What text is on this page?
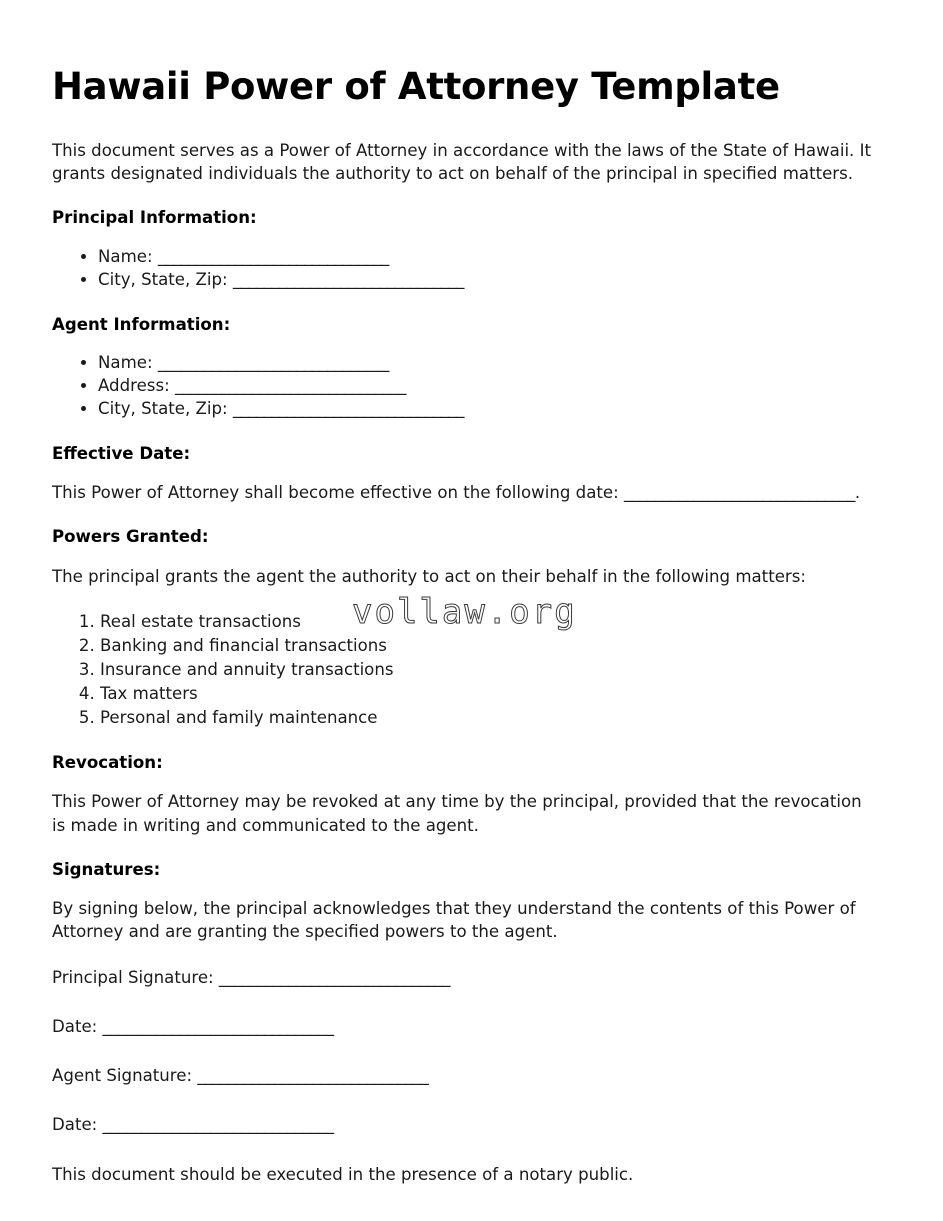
Hawaii Power of Attorney Template

This document serves as a Power of Attorney in accordance with the laws of the State of Hawaii. It grants designated individuals the authority to act on behalf of the principal in specified matters.

Principal Information:
• Name: ______________________________
• City, State, Zip: ______________________________
Agent Information:
• Name: ______________________________
• Address: ______________________________
• City, State, Zip: ______________________________
Effective Date:

This Power of Attorney shall become effective on the following date: ______________________________.

Powers Granted:

The principal grants the agent the authority to act on their behalf in the following matters:

1. Real estate transactions
2. Banking and financial transactions
3. Insurance and annuity transactions
4. Tax matters
5. Personal and family maintenance
Revocation:

This Power of Attorney may be revoked at any time by the principal, provided that the revocation is made in writing and communicated to the agent.

Signatures:

By signing below, the principal acknowledges that they understand the contents of this Power of Attorney and are granting the specified powers to the agent.

Principal Signature: ______________________________
Date: ______________________________
Agent Signature: ______________________________
Date: ______________________________

This document should be executed in the presence of a notary public.

vollaw.org
